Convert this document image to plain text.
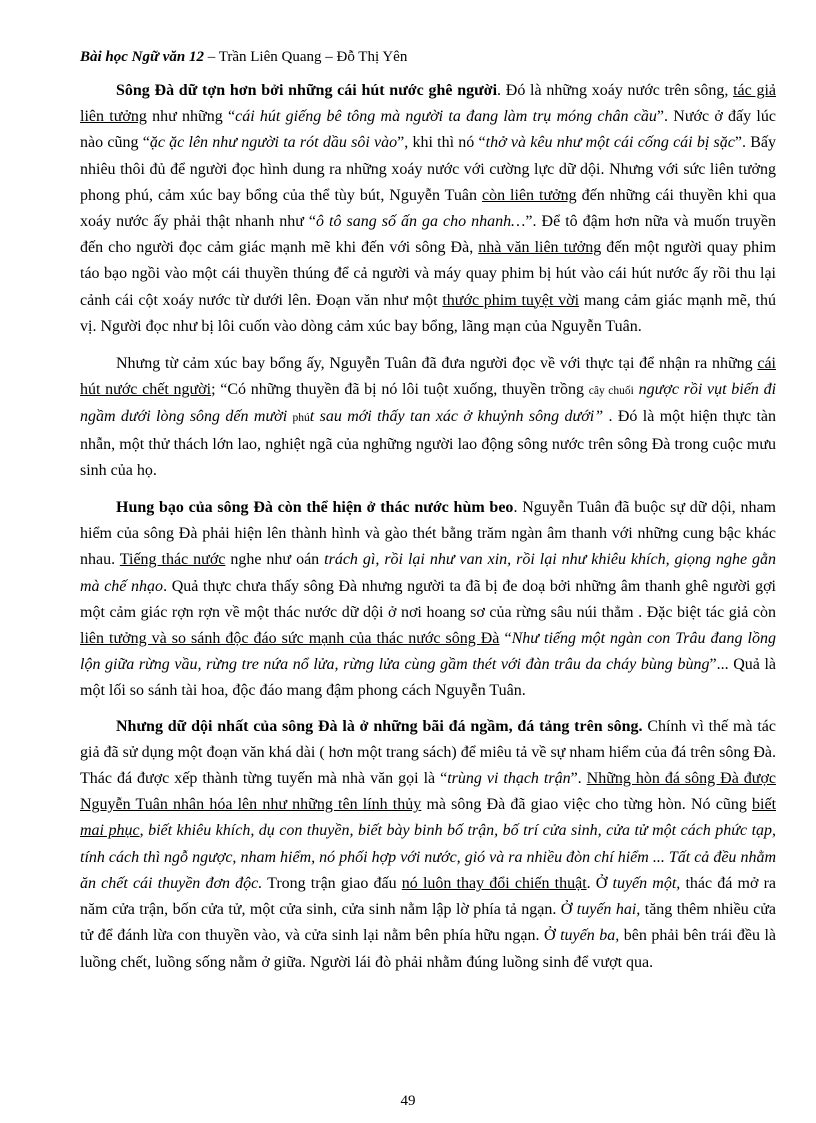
Bài học Ngữ văn 12 – Trần Liên Quang – Đỗ Thị Yên

Sông Đà dữ tợn hơn bởi những cái hút nước ghê người. Đó là những xoáy nước trên sông, tác giả liên tưởng như những “cái hút giếng bê tông mà người ta đang làm trụ móng chân cầu”. Nước ở đấy lúc nào cũng “ặc ặc lên như người ta rót dầu sôi vào”, khi thì nó “thở và kêu như một cái cống cái bị sặc”. Bấy nhiêu thôi đủ để người đọc hình dung ra những xoáy nước với cường lực dữ dội. Nhưng với sức liên tưởng phong phú, cảm xúc bay bổng của thể tùy bút, Nguyễn Tuân còn liên tưởng đến những cái thuyền khi qua xoáy nước ấy phải thật nhanh như “ô tô sang số ấn ga cho nhanh…”. Để tô đậm hơn nữa và muốn truyền đến cho người đọc cảm giác mạnh mẽ khi đến với sông Đà, nhà văn liên tưởng đến một người quay phim táo bạo ngồi vào một cái thuyền thúng để cả người và máy quay phim bị hút vào cái hút nước ấy rồi thu lại cảnh cái cột xoáy nước từ dưới lên. Đoạn văn như một thước phim tuyệt vời mang cảm giác mạnh mẽ, thú vị. Người đọc như bị lôi cuốn vào dòng cảm xúc bay bổng, lãng mạn của Nguyễn Tuân.

Nhưng từ cảm xúc bay bổng ấy, Nguyễn Tuân đã đưa người đọc về với thực tại để nhận ra những cái hút nước chết người; “Có những thuyền đã bị nó lôi tuột xuống, thuyền trồng cây chuối ngược rồi vụt biến đi ngầm dưới lòng sông dến mười phút sau mới thấy tan xác ở khuỷnh sông dưới” . Đó là một hiện thực tàn nhẫn, một thử thách lớn lao, nghiệt ngã của nghững người lao động sông nước trên sông Đà trong cuộc mưu sinh của họ.

Hung bạo của sông Đà còn thể hiện ở thác nước hùm beo. Nguyễn Tuân đã buộc sự dữ dội, nham hiểm của sông Đà phải hiện lên thành hình và gào thét bằng trăm ngàn âm thanh với những cung bậc khác nhau. Tiếng thác nước nghe như oán trách gì, rồi lại như van xin, rồi lại như khiêu khích, giọng nghe gằn mà chế nhạo. Quả thực chưa thấy sông Đà nhưng người ta đã bị đe doạ bởi những âm thanh ghê người gợi một cảm giác rợn rợn về một thác nước dữ dội ở nơi hoang sơ của rừng sâu núi thẳm . Đặc biệt tác giả còn liên tưởng và so sánh độc đáo sức mạnh của thác nước sông Đà “Như tiếng một ngàn con Trâu đang lồng lộn giữa rừng vầu, rừng tre nứa nổ lửa, rừng lửa cùng gầm thét với đàn trâu da cháy bùng bùng”... Quả là một lối so sánh tài hoa, độc đáo mang đậm phong cách Nguyễn Tuân.

Nhưng dữ dội nhất của sông Đà là ở những bãi đá ngầm, đá tảng trên sông. Chính vì thế mà tác giả đã sử dụng một đoạn văn khá dài ( hơn một trang sách) để miêu tả về sự nham hiểm của đá trên sông Đà. Thác đá được xếp thành từng tuyến mà nhà văn gọi là “trùng vi thạch trận”. Những hòn đá sông Đà được Nguyễn Tuân nhân hóa lên như những tên lính thủy mà sông Đà đã giao việc cho từng hòn. Nó cũng biết mai phục, biết khiêu khích, dụ con thuyền, biết bày binh bố trận, bố trí cửa sinh, cửa tử một cách phức tạp, tính cách thì ngỗ ngược, nham hiểm, nó phối hợp với nước, gió và ra nhiều đòn chí hiểm ... Tất cả đều nhằm ăn chết cái thuyền đơn độc. Trong trận giao đấu nó luôn thay đổi chiến thuật. Ở tuyến một, thác đá mở ra năm cửa trận, bốn cửa tử, một cửa sinh, cửa sinh nằm lập lờ phía tả ngạn. Ở tuyến hai, tăng thêm nhiều cửa tử để đánh lừa con thuyền vào, và cửa sinh lại nằm bên phía hữu ngạn. Ở tuyến ba, bên phải bên trái đều là luồng chết, luồng sống nằm ở giữa. Người lái đò phải nhằm đúng luồng sinh để vượt qua.

49
